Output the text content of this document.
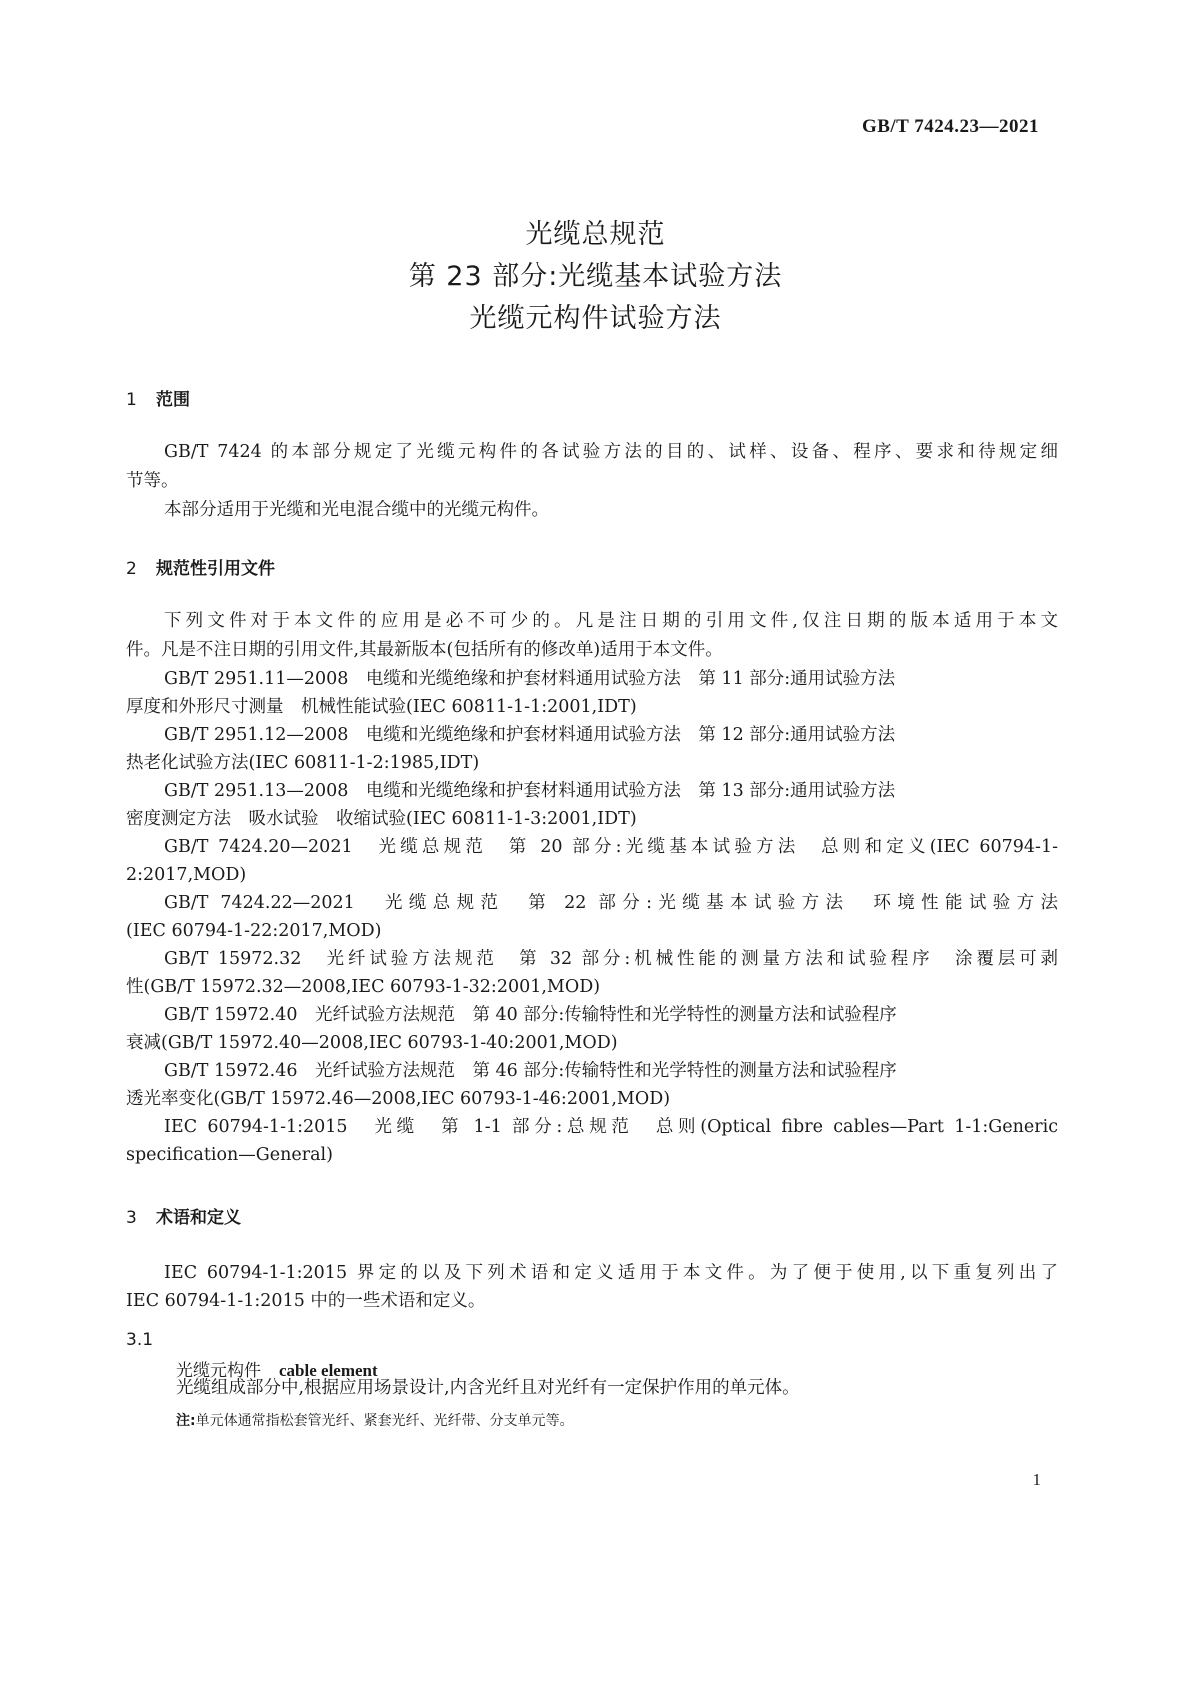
GB/T 7424.23—2021
光缆总规范
第 23 部分:光缆基本试验方法
光缆元构件试验方法
1 范围
GB/T 7424 的本部分规定了光缆元构件的各试验方法的目的、试样、设备、程序、要求和待规定细
节等。
本部分适用于光缆和光电混合缆中的光缆元构件。
2 规范性引用文件
下列文件对于本文件的应用是必不可少的。凡是注日期的引用文件,仅注日期的版本适用于本文
件。凡是不注日期的引用文件,其最新版本(包括所有的修改单)适用于本文件。
GB/T 2951.11—2008　电缆和光缆绝缘和护套材料通用试验方法　第 11 部分:通用试验方法
厚度和外形尺寸测量　机械性能试验(IEC 60811-1-1:2001,IDT)
GB/T 2951.12—2008　电缆和光缆绝缘和护套材料通用试验方法　第 12 部分:通用试验方法
热老化试验方法(IEC 60811-1-2:1985,IDT)
GB/T 2951.13—2008　电缆和光缆绝缘和护套材料通用试验方法　第 13 部分:通用试验方法
密度测定方法　吸水试验　收缩试验(IEC 60811-1-3:2001,IDT)
GB/T 7424.20—2021　光缆总规范　第 20 部分:光缆基本试验方法　总则和定义(IEC 60794-1-
2:2017,MOD)
GB/T 7424.22—2021　光缆总规范　第 22 部分:光缆基本试验方法　环境性能试验方法
(IEC 60794-1-22:2017,MOD)
GB/T 15972.32　光纤试验方法规范　第 32 部分:机械性能的测量方法和试验程序　涂覆层可剥
性(GB/T 15972.32—2008,IEC 60793-1-32:2001,MOD)
GB/T 15972.40　光纤试验方法规范　第 40 部分:传输特性和光学特性的测量方法和试验程序
衰减(GB/T 15972.40—2008,IEC 60793-1-40:2001,MOD)
GB/T 15972.46　光纤试验方法规范　第 46 部分:传输特性和光学特性的测量方法和试验程序
透光率变化(GB/T 15972.46—2008,IEC 60793-1-46:2001,MOD)
IEC 60794-1-1:2015　光缆　第 1-1 部分:总规范　总则(Optical fibre cables—Part 1-1:Generic
specification—General)
3 术语和定义
IEC 60794-1-1:2015 界定的以及下列术语和定义适用于本文件。为了便于使用,以下重复列出了
IEC 60794-1-1:2015 中的一些术语和定义。
3.1
光缆元构件 cable element
光缆组成部分中,根据应用场景设计,内含光纤且对光纤有一定保护作用的单元体。
注:单元体通常指松套管光纤、紧套光纤、光纤带、分支单元等。
1
